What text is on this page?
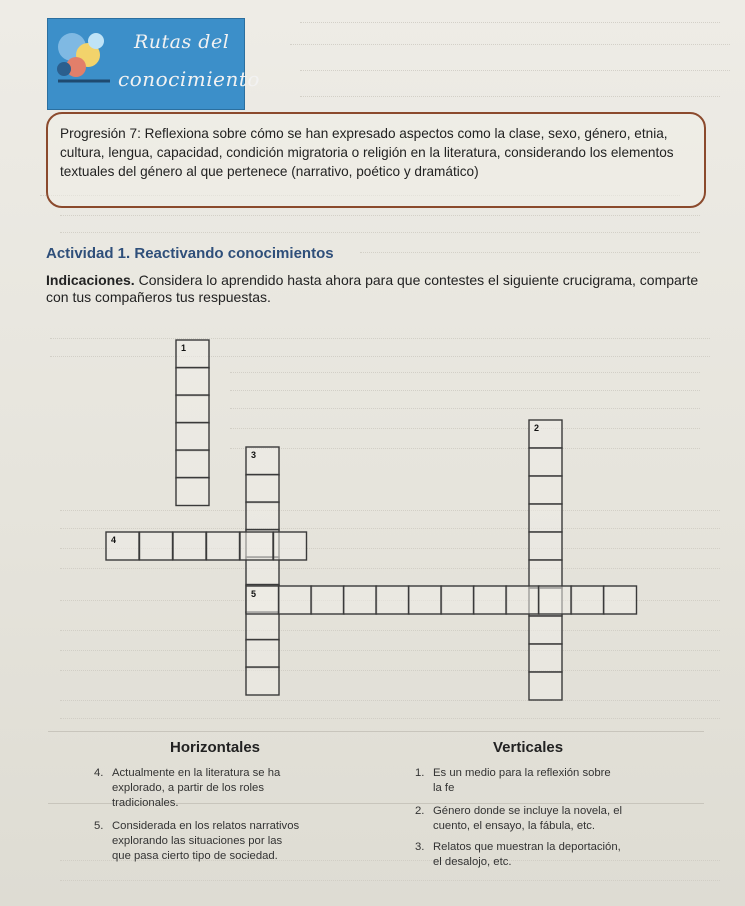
Rutas del
conocimiento
Progresión 7: Reflexiona sobre cómo se han expresado aspectos como la clase, sexo, género, etnia, cultura, lengua, capacidad, condición migratoria o religión en la literatura, considerando los elementos textuales del género al que pertenece (narrativo, poético y dramático)
Actividad 1. Reactivando conocimientos
Indicaciones. Considera lo aprendido hasta ahora para que contestes el siguiente crucigrama, comparte con tus compañeros tus respuestas.
1
2
3
4
5
Horizontales	Verticales
4. Actualmente en la literatura se ha
explorado, a partir de los roles
tradicionales.
5. Considerada en los relatos narrativos
explorando las situaciones por las
que pasa cierto tipo de sociedad.
1. Es un medio para la reflexión sobre
la fe
2. Género donde se incluye la novela, el
cuento, el ensayo, la fábula, etc.
3. Relatos que muestran la deportación,
el desalojo, etc.
